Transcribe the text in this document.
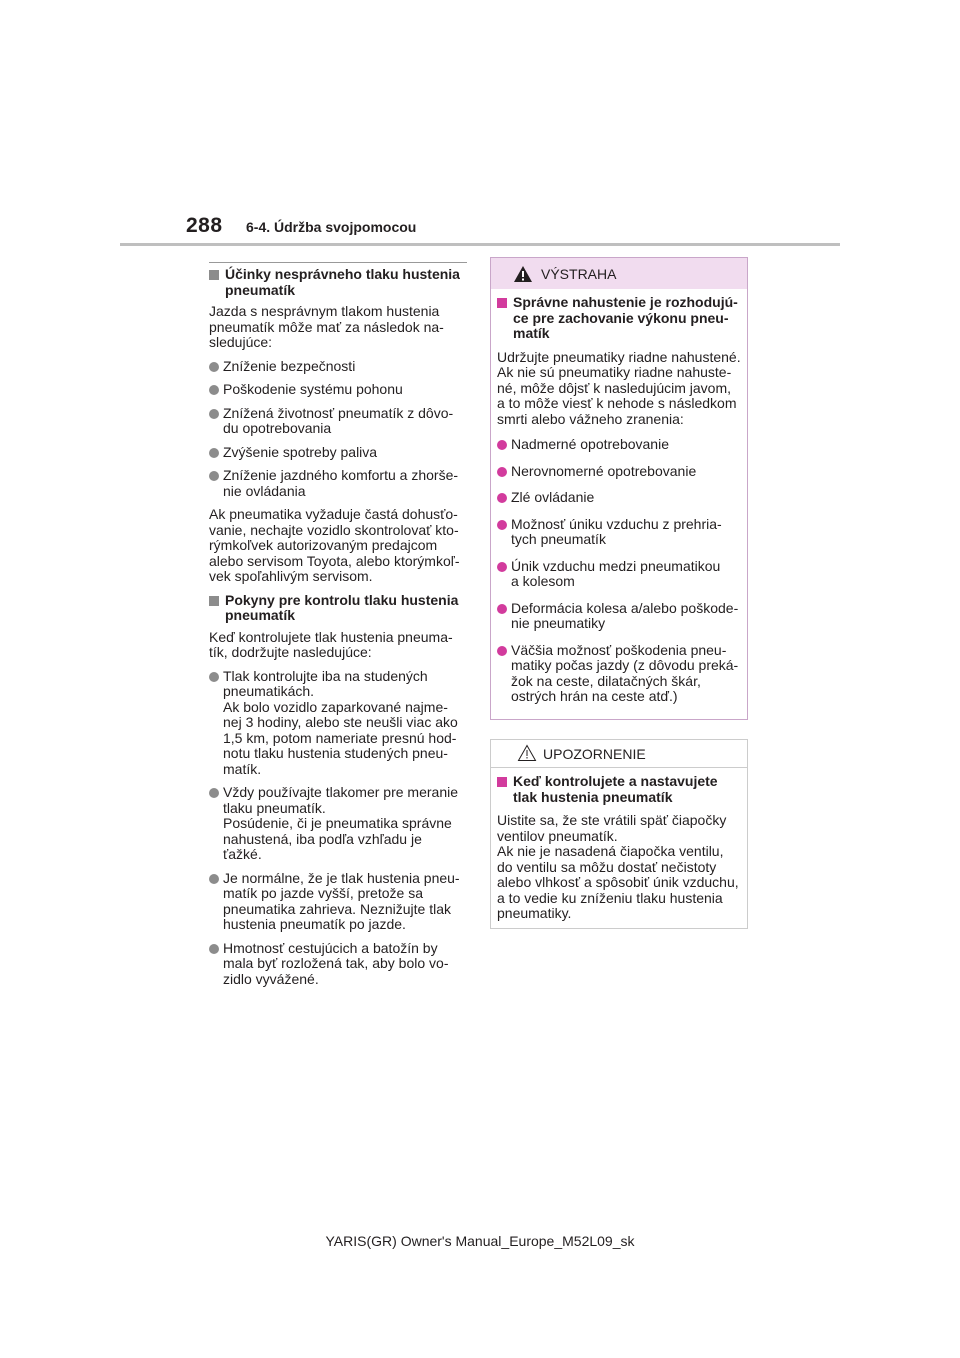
288 6-4. Údržba svojpomocou
Účinky nesprávneho tlaku hustenia
pneumatík

Jazda s nesprávnym tlakom hustenia
pneumatík môže mať za následok na-
sledujúce:

Zníženie bezpečnosti
Poškodenie systému pohonu
Znížená životnosť pneumatík z dôvo-
du opotrebovania
Zvýšenie spotreby paliva
Zníženie jazdného komfortu a zhorše-
nie ovládania

Ak pneumatika vyžaduje častá dohusťo-
vanie, nechajte vozidlo skontrolovať kto-
rýmkoľvek autorizovaným predajcom
alebo servisom Toyota, alebo ktorýmkoľ-
vek spoľahlivým servisom.

Pokyny pre kontrolu tlaku hustenia
pneumatík

Keď kontrolujete tlak hustenia pneuma-
tík, dodržujte nasledujúce:

Tlak kontrolujte iba na studených
pneumatikách.
Ak bolo vozidlo zaparkované najme-
nej 3 hodiny, alebo ste neušli viac ako
1,5 km, potom nameriate presnú hod-
notu tlaku hustenia studených pneu-
matík.
Vždy používajte tlakomer pre meranie
tlaku pneumatík.
Posúdenie, či je pneumatika správne
nahustená, iba podľa vzhľadu je
ťažké.
Je normálne, že je tlak hustenia pneu-
matík po jazde vyšší, pretože sa
pneumatika zahrieva. Neznižujte tlak
hustenia pneumatík po jazde.
Hmotnosť cestujúcich a batožín by
mala byť rozložená tak, aby bolo vo-
zidlo vyvážené.
VÝSTRAHA
Správne nahustenie je rozhodujú-
ce pre zachovanie výkonu pneu-
matík

Udržujte pneumatiky riadne nahustené.
Ak nie sú pneumatiky riadne nahuste-
né, môže dôjsť k nasledujúcim javom,
a to môže viesť k nehode s následkom
smrti alebo vážneho zranenia:

Nadmerné opotrebovanie
Nerovnomerné opotrebovanie
Zlé ovládanie
Možnosť úniku vzduchu z prehria-
tych pneumatík
Únik vzduchu medzi pneumatikou
a kolesom
Deformácia kolesa a/alebo poškode-
nie pneumatiky
Väčšia možnosť poškodenia pneu-
matiky počas jazdy (z dôvodu preká-
žok na ceste, dilatačných škár,
ostrých hrán na ceste atď.)
UPOZORNENIE
Keď kontrolujete a nastavujete
tlak hustenia pneumatík

Uistite sa, že ste vrátili späť čiapočky
ventilov pneumatík.
Ak nie je nasadená čiapočka ventilu,
do ventilu sa môžu dostať nečistoty
alebo vlhkosť a spôsobiť únik vzduchu,
a to vedie ku zníženiu tlaku hustenia
pneumatiky.

YARIS(GR) Owner's Manual_Europe_M52L09_sk
